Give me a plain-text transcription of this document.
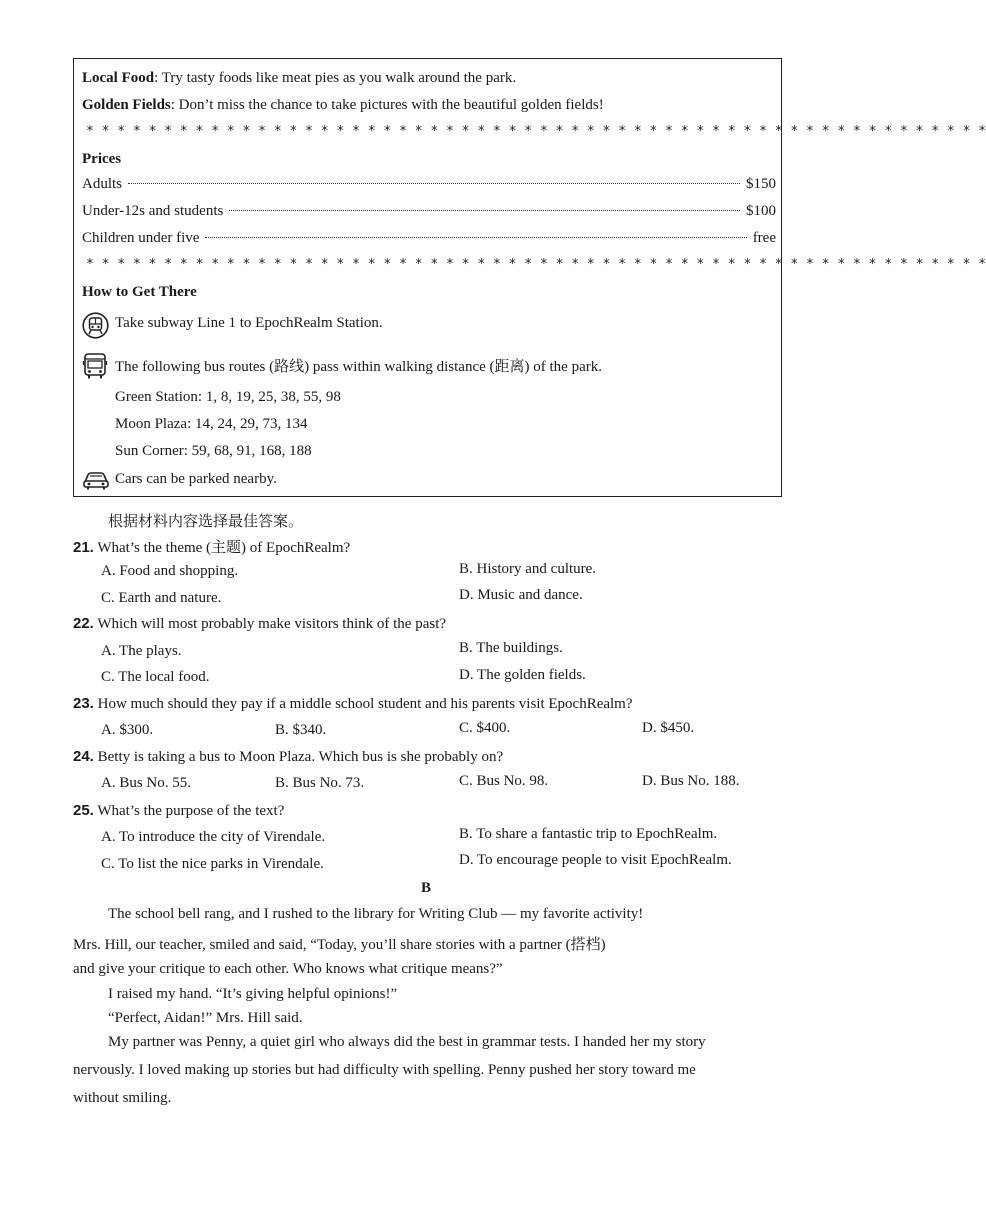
Local Food: Try tasty foods like meat pies as you walk around the park.
Golden Fields: Don’t miss the chance to take pictures with the beautiful golden fields!
* * * * * * * * * * * * * * * * * * * * * * * * * * * * * * * * * * * * * * * * * * * * * * * * * * * * * * * * * *
Prices
Adults	$150
Under-12s and students	$100
Children under five	free
* * * * * * * * * * * * * * * * * * * * * * * * * * * * * * * * * * * * * * * * * * * * * * * * * * * * * * * * * *
How to Get There
Take subway Line 1 to EpochRealm Station.
The following bus routes (路线) pass within walking distance (距离) of the park.
Green Station: 1, 8, 19, 25, 38, 55, 98
Moon Plaza: 14, 24, 29, 73, 134
Sun Corner: 59, 68, 91, 168, 188
Cars can be parked nearby.
根据材料内容选择最佳答案。
21. What’s the theme (主题) of EpochRealm?
A. Food and shopping.	B. History and culture.
C. Earth and nature.	D. Music and dance.
22. Which will most probably make visitors think of the past?
A. The plays.	B. The buildings.
C. The local food.	D. The golden fields.
23. How much should they pay if a middle school student and his parents visit EpochRealm?
A. $300.	B. $340.	C. $400.	D. $450.
24. Betty is taking a bus to Moon Plaza. Which bus is she probably on?
A. Bus No. 55.	B. Bus No. 73.	C. Bus No. 98.	D. Bus No. 188.
25. What’s the purpose of the text?
A. To introduce the city of Virendale.	B. To share a fantastic trip to EpochRealm.
C. To list the nice parks in Virendale.	D. To encourage people to visit EpochRealm.
B
The school bell rang, and I rushed to the library for Writing Club — my favorite activity!
Mrs. Hill, our teacher, smiled and said, “Today, you’ll share stories with a partner (搭档)
and give your critique to each other. Who knows what critique means?”
I raised my hand. “It’s giving helpful opinions!”
“Perfect, Aidan!” Mrs. Hill said.
My partner was Penny, a quiet girl who always did the best in grammar tests. I handed her my story
nervously. I loved making up stories but had difficulty with spelling. Penny pushed her story toward me
without smiling.
